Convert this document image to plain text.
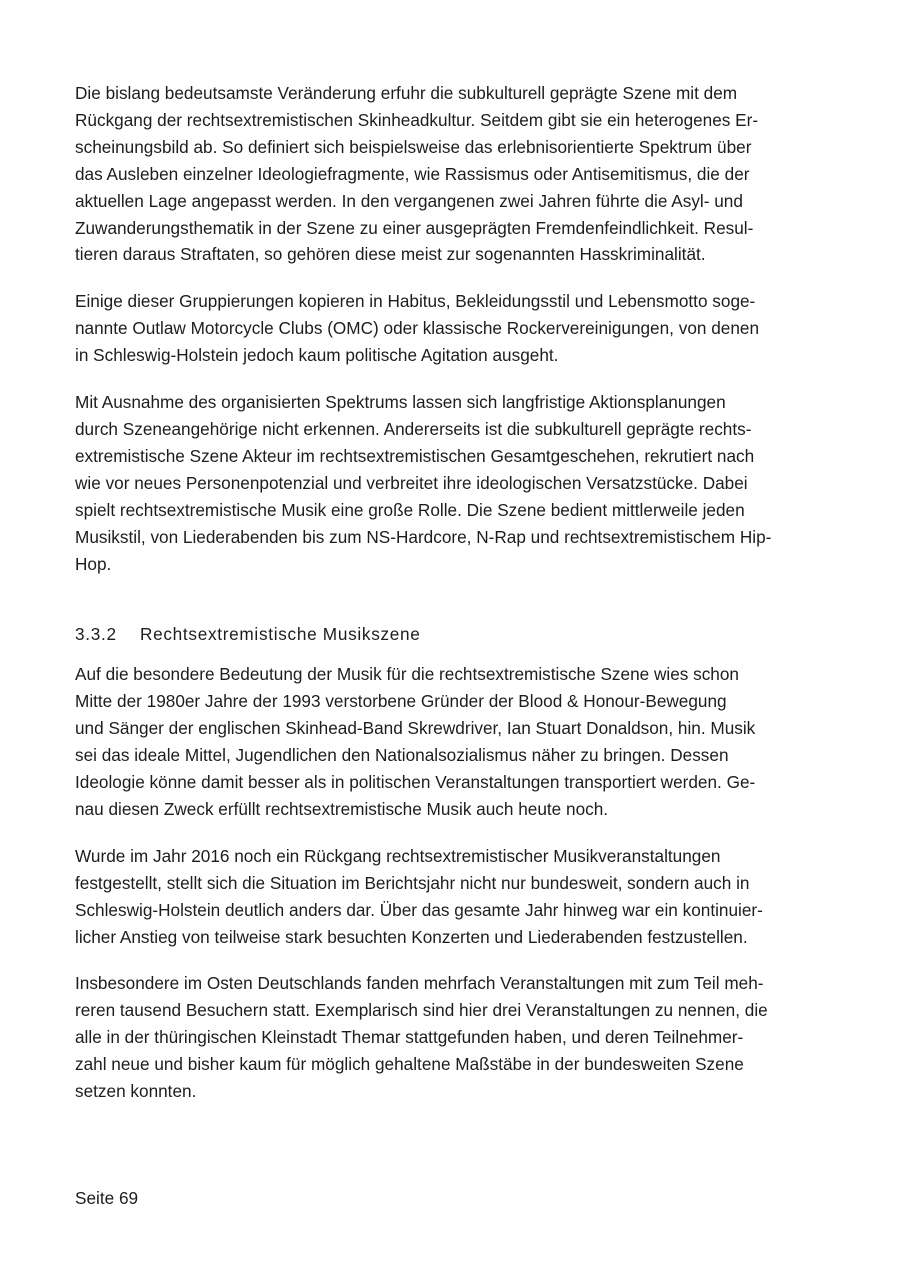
Die bislang bedeutsamste Veränderung erfuhr die subkulturell geprägte Szene mit dem
Rückgang der rechtsextremistischen Skinheadkultur. Seitdem gibt sie ein heterogenes Er-
scheinungsbild ab. So definiert sich beispielsweise das erlebnisorientierte Spektrum über
das Ausleben einzelner Ideologiefragmente, wie Rassismus oder Antisemitismus, die der
aktuellen Lage angepasst werden. In den vergangenen zwei Jahren führte die Asyl- und
Zuwanderungsthematik in der Szene zu einer ausgeprägten Fremdenfeindlichkeit. Resul-
tieren daraus Straftaten, so gehören diese meist zur sogenannten Hasskriminalität.

Einige dieser Gruppierungen kopieren in Habitus, Bekleidungsstil und Lebensmotto soge-
nannte Outlaw Motorcycle Clubs (OMC) oder klassische Rockervereinigungen, von denen
in Schleswig-Holstein jedoch kaum politische Agitation ausgeht.

Mit Ausnahme des organisierten Spektrums lassen sich langfristige Aktionsplanungen
durch Szeneangehörige nicht erkennen. Andererseits ist die subkulturell geprägte rechts-
extremistische Szene Akteur im rechtsextremistischen Gesamtgeschehen, rekrutiert nach
wie vor neues Personenpotenzial und verbreitet ihre ideologischen Versatzstücke. Dabei
spielt rechtsextremistische Musik eine große Rolle. Die Szene bedient mittlerweile jeden
Musikstil, von Liederabenden bis zum NS-Hardcore, N-Rap und rechtsextremistischem Hip-
Hop.

3.3.2	Rechtsextremistische Musikszene

Auf die besondere Bedeutung der Musik für die rechtsextremistische Szene wies schon
Mitte der 1980er Jahre der 1993 verstorbene Gründer der Blood & Honour-Bewegung
und Sänger der englischen Skinhead-Band Skrewdriver, Ian Stuart Donaldson, hin. Musik
sei das ideale Mittel, Jugendlichen den Nationalsozialismus näher zu bringen. Dessen
Ideologie könne damit besser als in politischen Veranstaltungen transportiert werden. Ge-
nau diesen Zweck erfüllt rechtsextremistische Musik auch heute noch.

Wurde im Jahr 2016 noch ein Rückgang rechtsextremistischer Musikveranstaltungen
festgestellt, stellt sich die Situation im Berichtsjahr nicht nur bundesweit, sondern auch in
Schleswig-Holstein deutlich anders dar. Über das gesamte Jahr hinweg war ein kontinuier-
licher Anstieg von teilweise stark besuchten Konzerten und Liederabenden festzustellen.

Insbesondere im Osten Deutschlands fanden mehrfach Veranstaltungen mit zum Teil meh-
reren tausend Besuchern statt. Exemplarisch sind hier drei Veranstaltungen zu nennen, die
alle in der thüringischen Kleinstadt Themar stattgefunden haben, und deren Teilnehmer-
zahl neue und bisher kaum für möglich gehaltene Maßstäbe in der bundesweiten Szene
setzen konnten.

Seite 69
